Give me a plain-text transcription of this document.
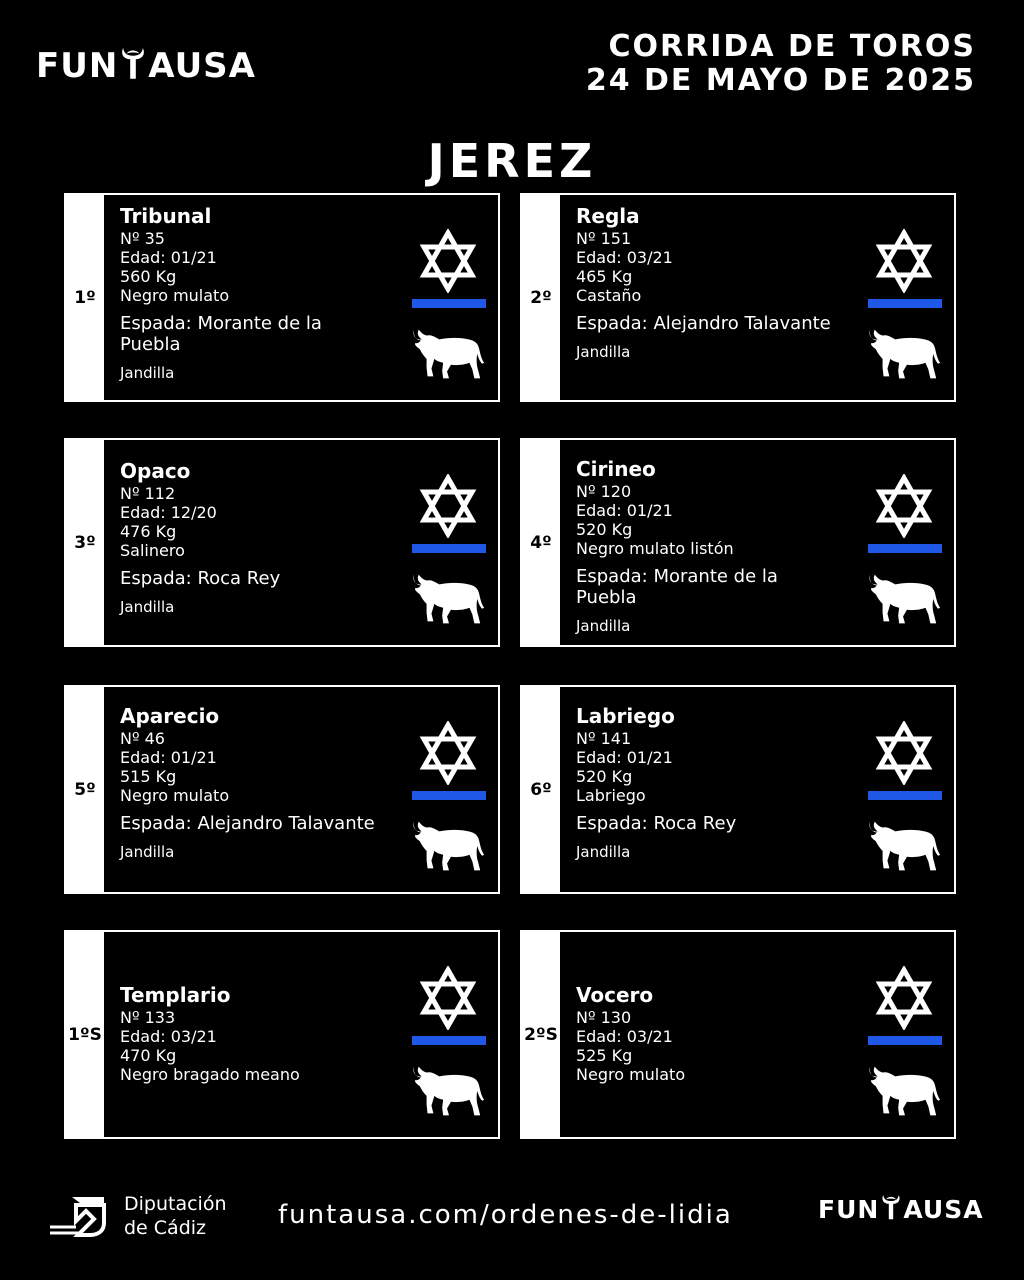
FUN AUSA	CORRIDA DE TOROS
24 DE MAYO DE 2025
JEREZ
1º
Tribunal
Nº 35
Edad: 01/21
560 Kg
Negro mulato
Espada: Morante de la Puebla
Jandilla
2º
Regla
Nº 151
Edad: 03/21
465 Kg
Castaño
Espada: Alejandro Talavante
Jandilla
3º
Opaco
Nº 112
Edad: 12/20
476 Kg
Salinero
Espada: Roca Rey
Jandilla
4º
Cirineo
Nº 120
Edad: 01/21
520 Kg
Negro mulato listón
Espada: Morante de la Puebla
Jandilla
5º
Aparecio
Nº 46
Edad: 01/21
515 Kg
Negro mulato
Espada: Alejandro Talavante
Jandilla
6º
Labriego
Nº 141
Edad: 01/21
520 Kg
Labriego
Espada: Roca Rey
Jandilla
1ºS
Templario
Nº 133
Edad: 03/21
470 Kg
Negro bragado meano
2ºS
Vocero
Nº 130
Edad: 03/21
525 Kg
Negro mulato
Diputación
de Cádiz	funtausa.com/ordenes-de-lidia	FUN AUSA
